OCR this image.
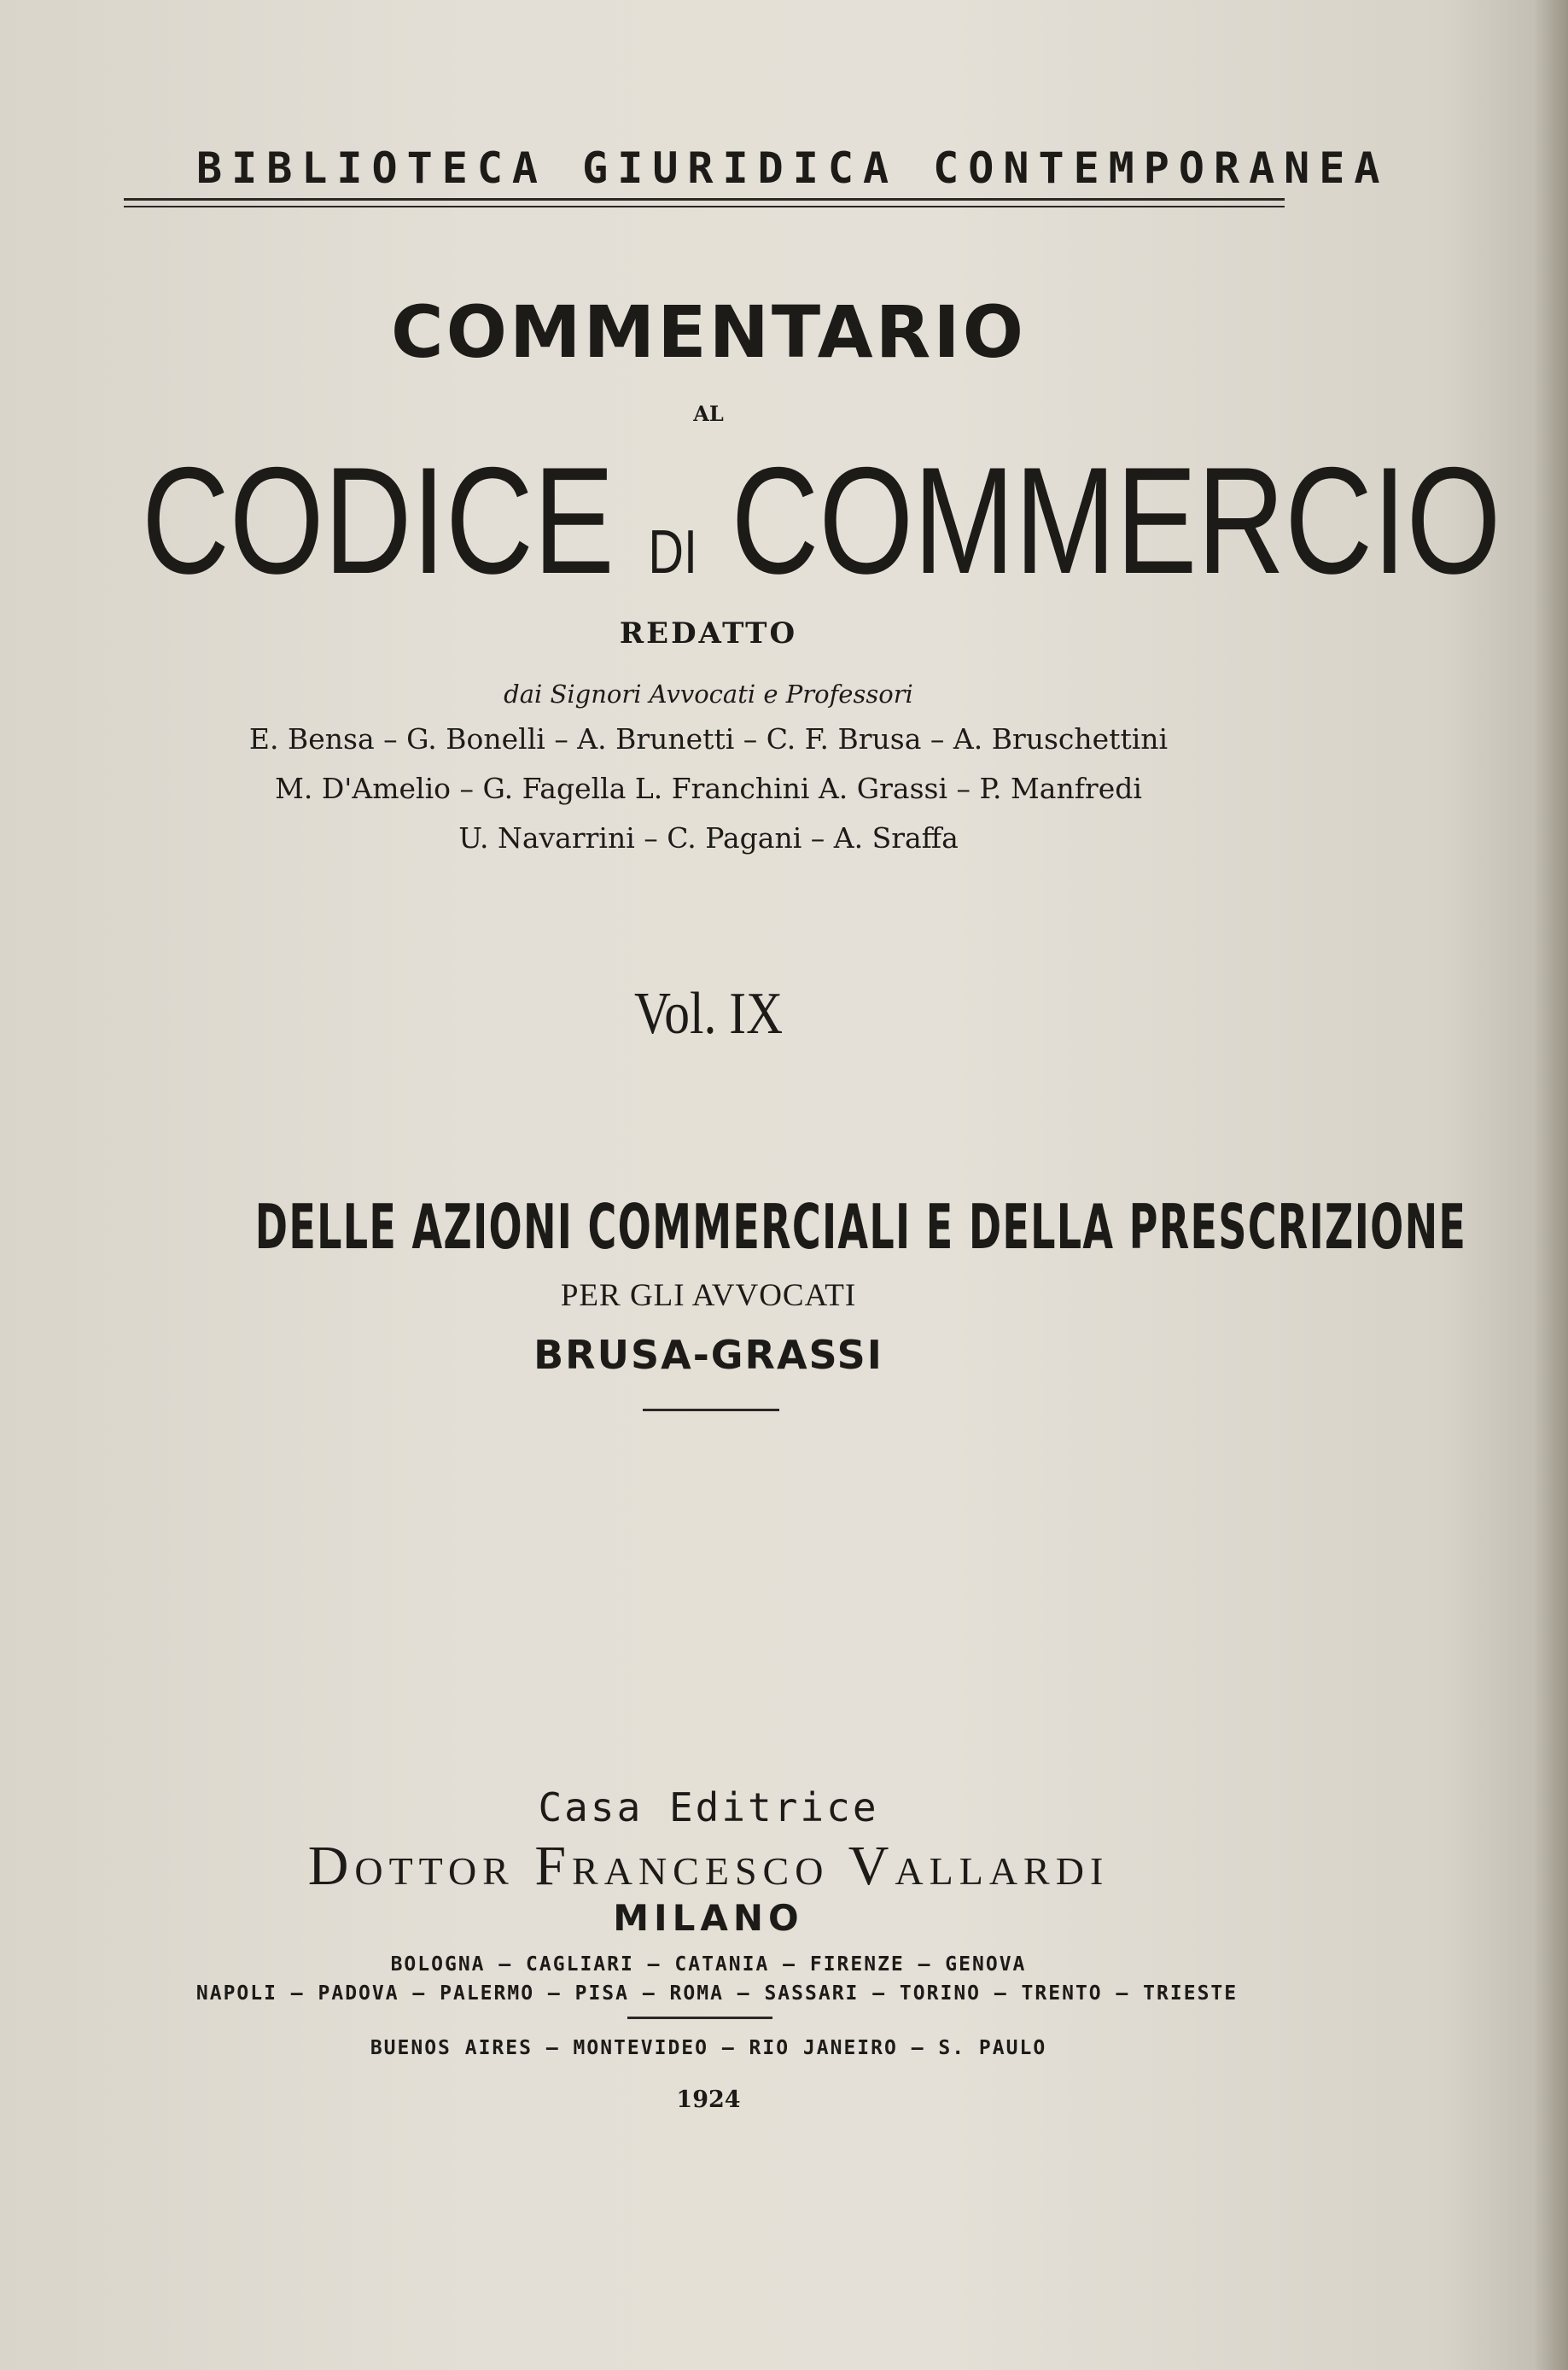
BIBLIOTECA GIURIDICA CONTEMPORANEA
COMMENTARIO
AL
CODICE DI COMMERCIO
REDATTO
dai Signori Avvocati e Professori
E. Bensa – G. Bonelli – A. Brunetti – C. F. Brusa – A. Bruschettini
M. D'Amelio – G. Fagella L. Franchini A. Grassi – P. Manfredi
U. Navarrini – C. Pagani – A. Sraffa
Vol. IX
DELLE AZIONI COMMERCIALI E DELLA PRESCRIZIONE
PER GLI AVVOCATI
BRUSA-GRASSI
Casa Editrice
Dottor Francesco Vallardi
MILANO
BOLOGNA – CAGLIARI – CATANIA – FIRENZE – GENOVA
NAPOLI – PADOVA – PALERMO – PISA – ROMA – SASSARI – TORINO – TRENTO – TRIESTE
BUENOS AIRES – MONTEVIDEO – RIO JANEIRO – S. PAULO
1924
